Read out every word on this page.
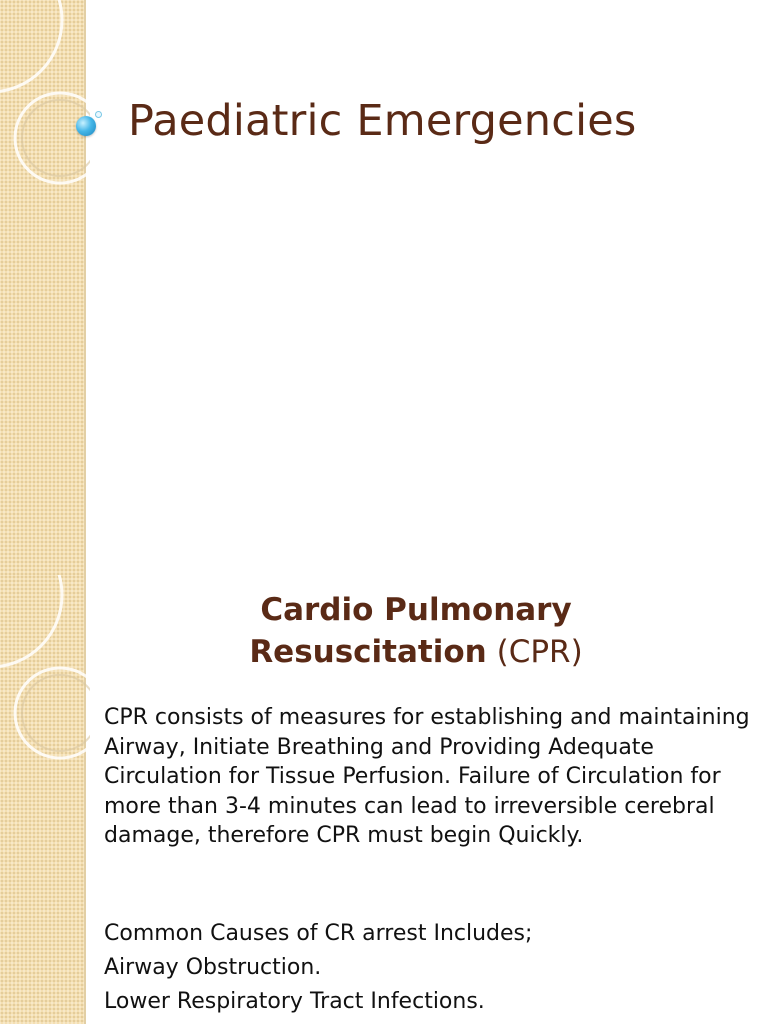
Paediatric Emergencies
Cardio Pulmonary Resuscitation (CPR)

CPR consists of measures for establishing and maintaining Airway, Initiate Breathing and Providing Adequate Circulation for Tissue Perfusion. Failure of Circulation for more than 3-4 minutes can lead to irreversible cerebral damage, therefore CPR must begin Quickly.

Common Causes of CR arrest Includes;
Airway Obstruction.
Lower Respiratory Tract Infections.
